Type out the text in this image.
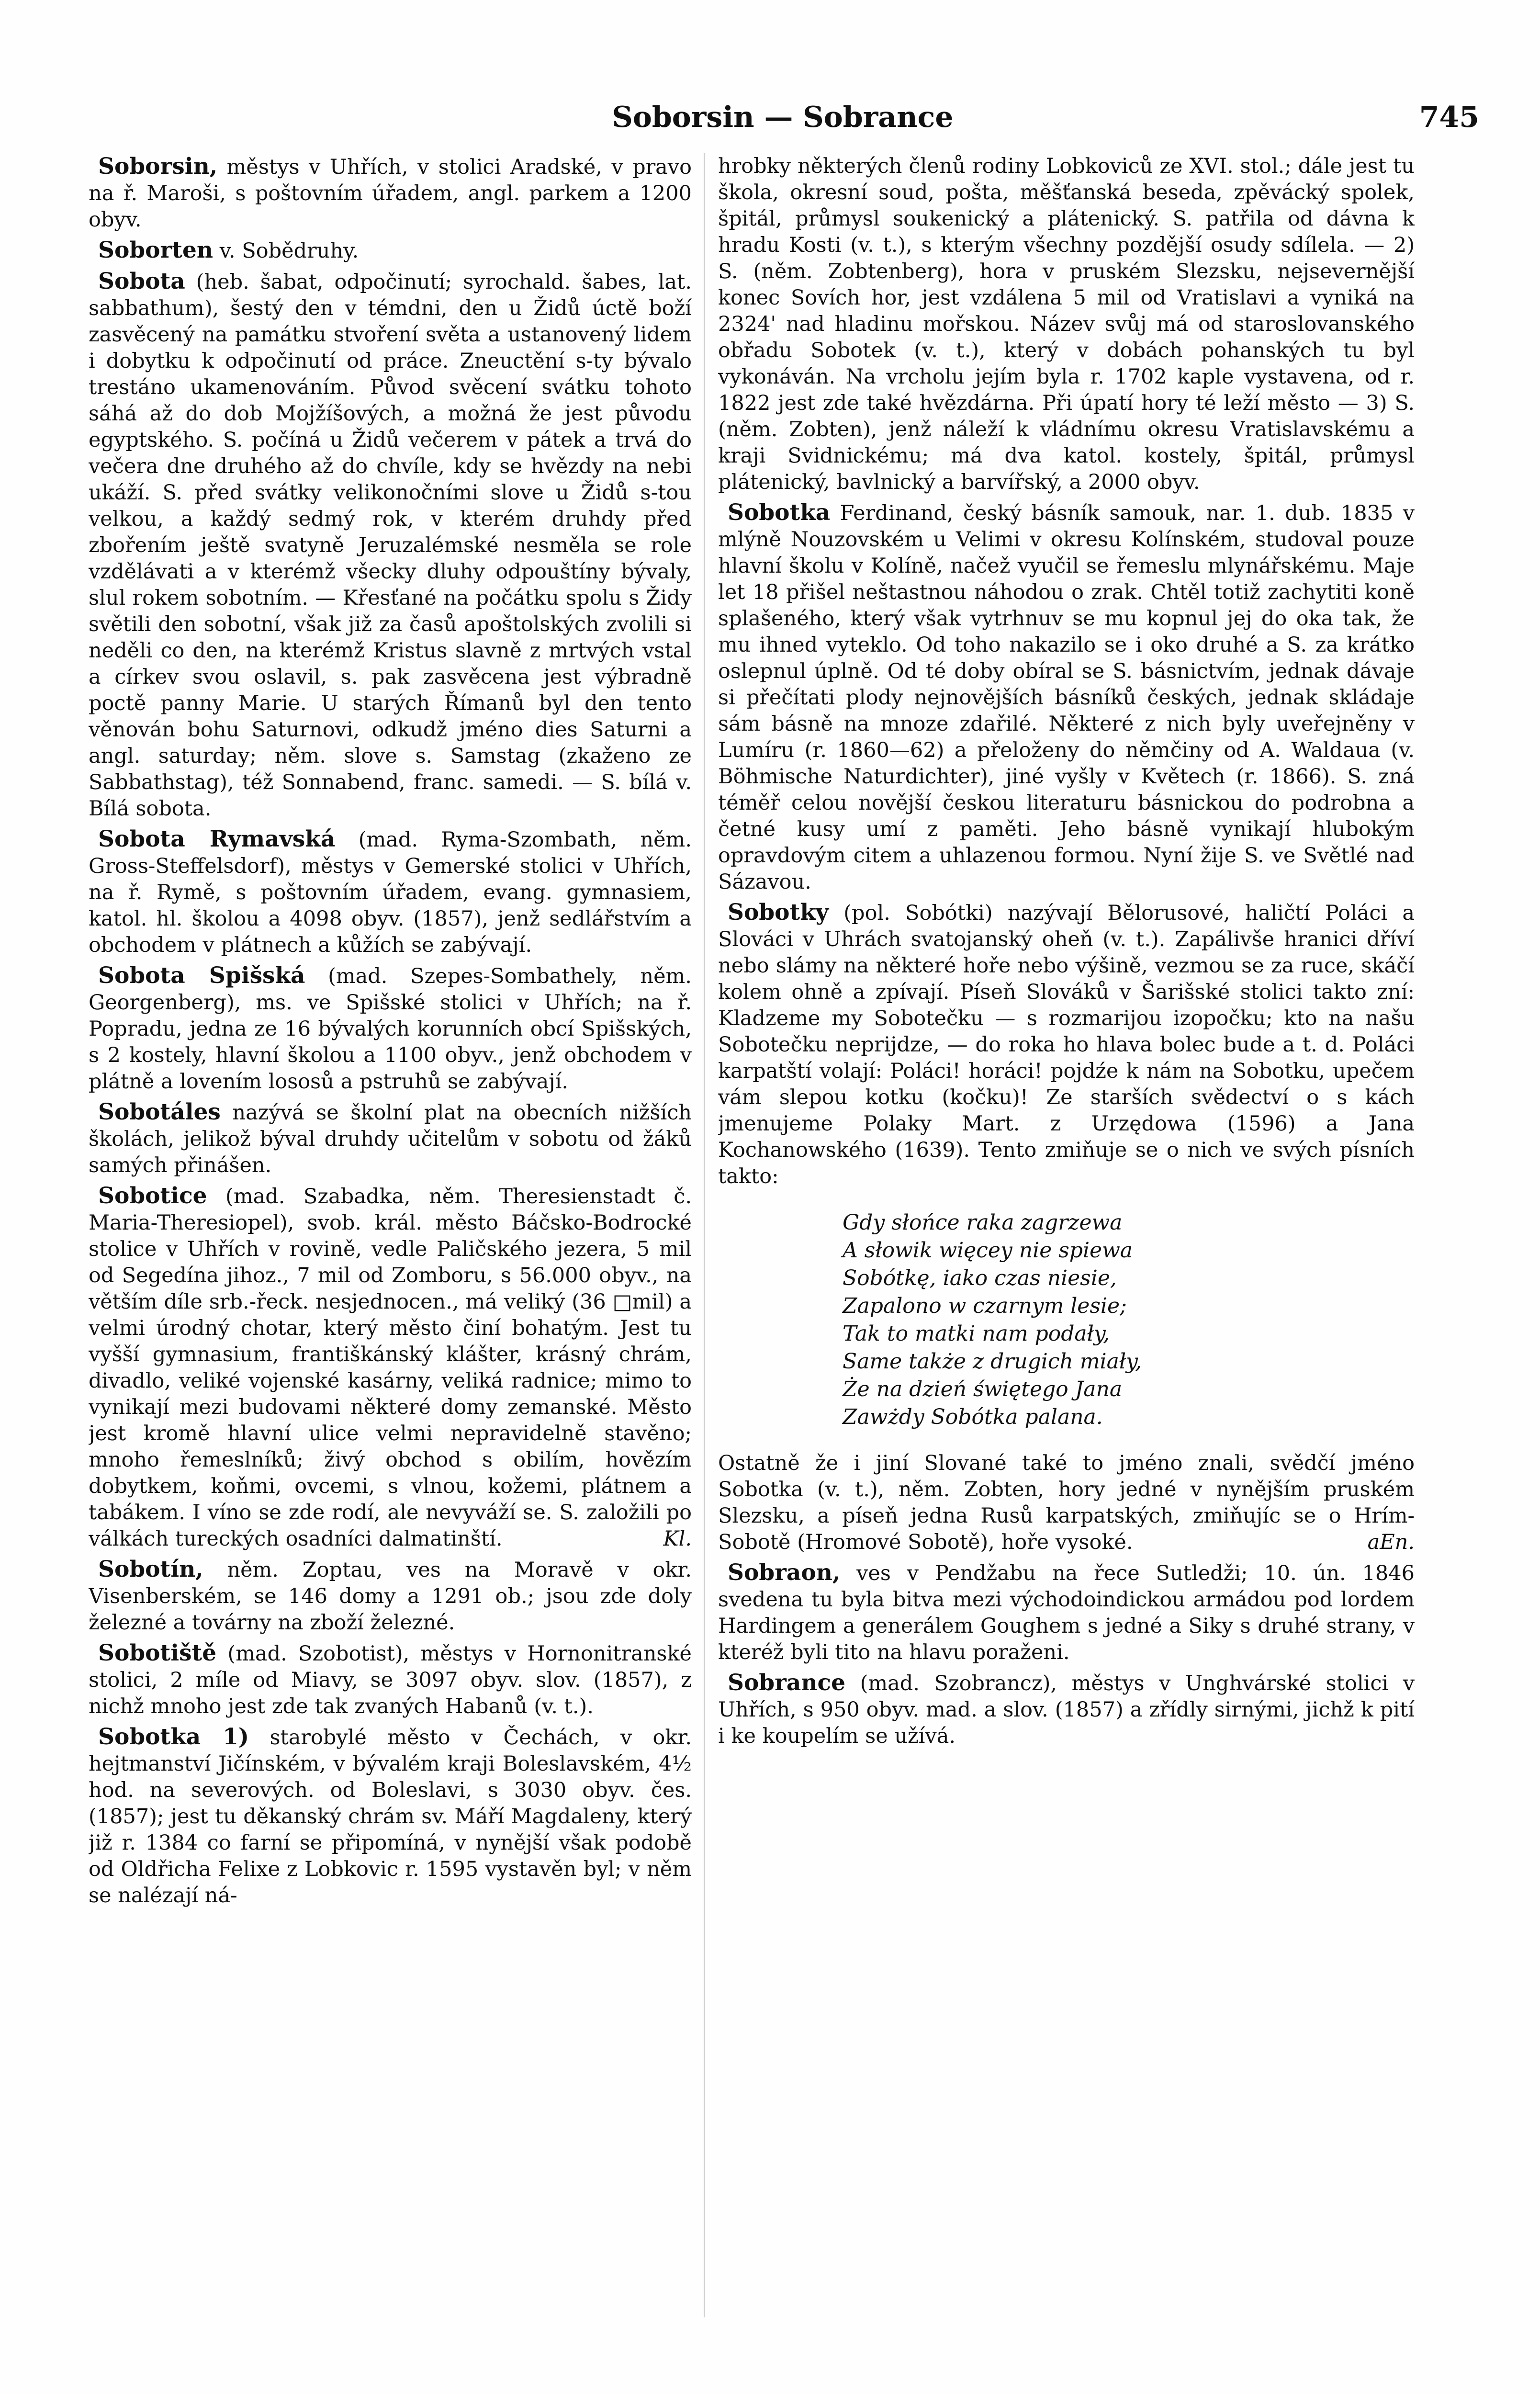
Soborsin — Sobrance	745

Soborsin, městys v Uhřích, v stolici Aradské, v pravo na ř. Maroši, s poštovním úřadem, angl. parkem a 1200 obyv.

Soborten v. Sobědruhy.

Sobota (heb. šabat, odpočinutí; syrochald. šabes, lat. sabbathum), šestý den v témdni, den u Židů úctě boží zasvěcený na památku stvoření světa a ustanovený lidem i dobytku k odpočinutí od práce. Zneuctění s-ty bývalo trestáno ukamenováním. Původ svěcení svátku tohoto sáhá až do dob Mojžíšových, a možná že jest původu egyptského. S. počíná u Židů večerem v pátek a trvá do večera dne druhého až do chvíle, kdy se hvězdy na nebi ukáží. S. před svátky velikonočními slove u Židů s-tou velkou, a každý sedmý rok, v kterém druhdy před zbořením ještě svatyně Jeruzalémské nesměla se role vzdělávati a v kterémž všecky dluhy odpouštíny bývaly, slul rokem sobotním. — Křesťané na počátku spolu s Židy světili den sobotní, však již za časů apoštolských zvolili si neděli co den, na kterémž Kristus slavně z mrtvých vstal a církev svou oslavil, s. pak zasvěcena jest výbradně poctě panny Marie. U starých Římanů byl den tento věnován bohu Saturnovi, odkudž jméno dies Saturni a angl. saturday; něm. slove s. Samstag (zkaženo ze Sabbathstag), též Sonnabend, franc. samedi. — S. bílá v. Bílá sobota.

Sobota Rymavská (mad. Ryma-Szombath, něm. Gross-Steffelsdorf), městys v Gemerské stolici v Uhřích, na ř. Rymě, s poštovním úřadem, evang. gymnasiem, katol. hl. školou a 4098 obyv. (1857), jenž sedlářstvím a obchodem v plátnech a kůžích se zabývají.

Sobota Spišská (mad. Szepes-Sombathely, něm. Georgenberg), ms. ve Spišské stolici v Uhřích; na ř. Popradu, jedna ze 16 bývalých korunních obcí Spišských, s 2 kostely, hlavní školou a 1100 obyv., jenž obchodem v plátně a lovením lososů a pstruhů se zabývají.

Sobotáles nazývá se školní plat na obecních nižších školách, jelikož býval druhdy učitelům v sobotu od žáků samých přinášen.

Sobotice (mad. Szabadka, něm. Theresienstadt č. Maria-Theresiopel), svob. král. město Báčsko-Bodrocké stolice v Uhřích v rovině, vedle Paličského jezera, 5 mil od Segedína jihoz., 7 mil od Zomboru, s 56.000 obyv., na větším díle srb.-řeck. nesjednocen., má veliký (36 □mil) a velmi úrodný chotar, který město činí bohatým. Jest tu vyšší gymnasium, františkánský klášter, krásný chrám, divadlo, veliké vojenské kasárny, veliká radnice; mimo to vynikají mezi budovami některé domy zemanské. Město jest kromě hlavní ulice velmi nepravidelně stavěno; mnoho řemeslníků; živý obchod s obilím, hovězím dobytkem, koňmi, ovcemi, s vlnou, kožemi, plátnem a tabákem. I víno se zde rodí, ale nevyváží se. S. založili po válkách tureckých osadníci dalmatinští.	Kl.

Sobotín, něm. Zoptau, ves na Moravě v okr. Visenberském, se 146 domy a 1291 ob.; jsou zde doly železné a továrny na zboží železné.

Sobotiště (mad. Szobotist), městys v Hornonitranské stolici, 2 míle od Miavy, se 3097 obyv. slov. (1857), z nichž mnoho jest zde tak zvaných Habanů (v. t.).

Sobotka 1) starobylé město v Čechách, v okr. hejtmanství Jičínském, v bývalém kraji Boleslavském, 4½ hod. na severových. od Boleslavi, s 3030 obyv. čes. (1857); jest tu děkanský chrám sv. Máří Magdaleny, který již r. 1384 co farní se připomíná, v nynější však podobě od Oldřicha Felixe z Lobkovic r. 1595 vystavěn byl; v něm se nalézají ná-

hrobky některých členů rodiny Lobkoviců ze XVI. stol.; dále jest tu škola, okresní soud, pošta, měšťanská beseda, zpěvácký spolek, špitál, průmysl soukenický a plátenický. S. patřila od dávna k hradu Kosti (v. t.), s kterým všechny pozdější osudy sdílela. — 2) S. (něm. Zobtenberg), hora v pruském Slezsku, nejsevernější konec Sovích hor, jest vzdálena 5 mil od Vratislavi a vyniká na 2324' nad hladinu mořskou. Název svůj má od staroslovanského obřadu Sobotek (v. t.), který v dobách pohanských tu byl vykonáván. Na vrcholu jejím byla r. 1702 kaple vystavena, od r. 1822 jest zde také hvězdárna. Při úpatí hory té leží město — 3) S. (něm. Zobten), jenž náleží k vládnímu okresu Vratislavskému a kraji Svidnickému; má dva katol. kostely, špitál, průmysl plátenický, bavlnický a barvířský, a 2000 obyv.

Sobotka Ferdinand, český básník samouk, nar. 1. dub. 1835 v mlýně Nouzovském u Velimi v okresu Kolínském, studoval pouze hlavní školu v Kolíně, načež vyučil se řemeslu mlynářskému. Maje let 18 přišel neštastnou náhodou o zrak. Chtěl totiž zachytiti koně splašeného, který však vytrhnuv se mu kopnul jej do oka tak, že mu ihned vyteklo. Od toho nakazilo se i oko druhé a S. za krátko oslepnul úplně. Od té doby obíral se S. básnictvím, jednak dávaje si přečítati plody nejnovějších básníků českých, jednak skládaje sám básně na mnoze zdařilé. Některé z nich byly uveřejněny v Lumíru (r. 1860—62) a přeloženy do němčiny od A. Waldaua (v. Böhmische Naturdichter), jiné vyšly v Květech (r. 1866). S. zná téměř celou novější českou literaturu básnickou do podrobna a četné kusy umí z paměti. Jeho básně vynikají hlubokým opravdovým citem a uhlazenou formou. Nyní žije S. ve Světlé nad Sázavou.

Sobotky (pol. Sobótki) nazývají Bělorusové, haličtí Poláci a Slováci v Uhrách svatojanský oheň (v. t.). Zapálivše hranici dříví nebo slámy na některé hoře nebo výšině, vezmou se za ruce, skáčí kolem ohně a zpívají. Píseň Slováků v Šarišské stolici takto zní: Kladzeme my Sobotečku — s rozmarijou izopočku; kto na našu Sobotečku neprijdze, — do roka ho hlava bolec bude a t. d. Poláci karpatští volají: Poláci! horáci! pojdźe k nám na Sobotku, upečem vám slepou kotku (kočku)! Ze starších svědectví o s kách jmenujeme Polaky Mart. z Urzędowa (1596) a Jana Kochanowského (1639). Tento zmiňuje se o nich ve svých písních takto:

Gdy słońce raka zagrzewa
A słowik więcey nie spiewa
Sobótkę, iako czas niesie,
Zapalono w czarnym lesie;
Tak to matki nam podały,
Same także z drugich miały,
Że na dzień świętego Jana
Zawżdy Sobótka palana.

Ostatně že i jiní Slované také to jméno znali, svědčí jméno Sobotka (v. t.), něm. Zobten, hory jedné v nynějším pruském Slezsku, a píseň jedna Rusů karpatských, zmiňujíc se o Hrím-Sobotě (Hromové Sobotě), hoře vysoké.	aEn.

Sobraon, ves v Pendžabu na řece Sutledži; 10. ún. 1846 svedena tu byla bitva mezi východoindickou armádou pod lordem Hardingem a generálem Goughem s jedné a Siky s druhé strany, v kteréž byli tito na hlavu poraženi.

Sobrance (mad. Szobrancz), městys v Unghvárské stolici v Uhřích, s 950 obyv. mad. a slov. (1857) a zřídly sirnými, jichž k pití i ke koupelím se užívá.
